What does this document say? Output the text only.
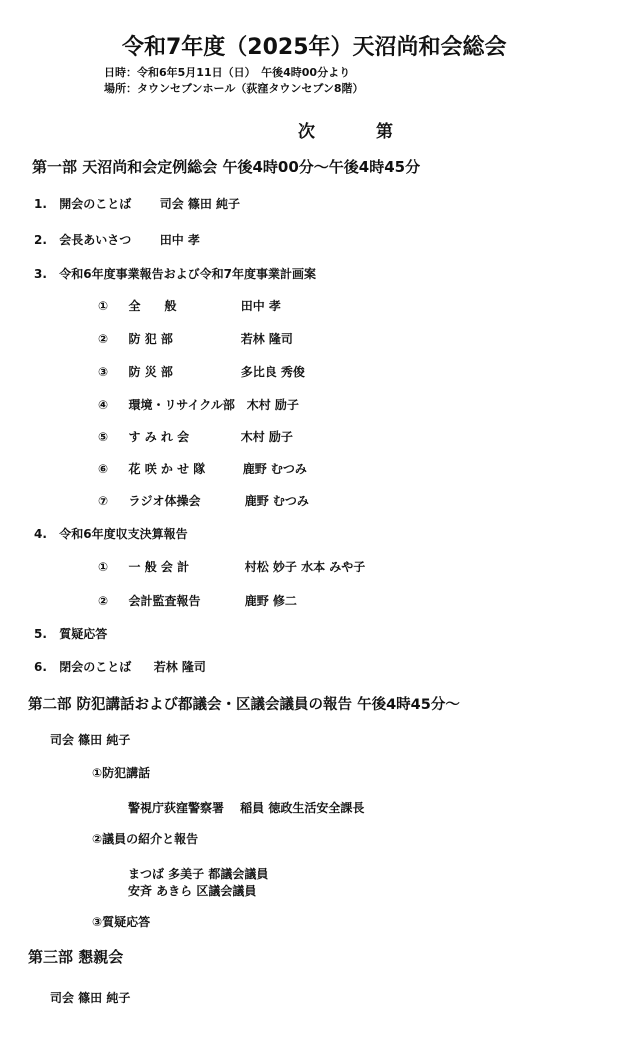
令和7年度（2025年）天沼尚和会総会
日時：令和6年5月11日（日）　午後4時00分より
場所：タウンセブンホール（荻窪タウンセブン8階）
次　第
第一部 天沼尚和会定例総会 午後4時00分～午後4時45分
1. 開会のことば 司会 篠田 純子
2. 会長あいさつ 田中 孝
3. 令和6年度事業報告および令和7年度事業計画案
① 全　　般	田中 孝
② 防 犯 部	若林 隆司
③ 防 災 部	多比良 秀俊
④ 環境・リサイクル部 木村 励子
⑤ す み れ 会	木村 励子
⑥ 花 咲 か せ 隊	鹿野 むつみ
⑦ ラジオ体操会	鹿野 むつみ
4. 令和6年度収支決算報告
① 一 般 会 計	村松 妙子 水本 みや子
② 会計監査報告	鹿野 修二
5. 質疑応答
6. 閉会のことば 若林 隆司
第二部 防犯講話および都議会・区議会議員の報告 午後4時45分～
司会 篠田 純子
①防犯講話
警視庁荻窪警察署　 稲員 徳政生活安全課長
②議員の紹介と報告
まつば 多美子 都議会議員
安斉 あきら 区議会議員
③質疑応答
第三部 懇親会
司会 篠田 純子
